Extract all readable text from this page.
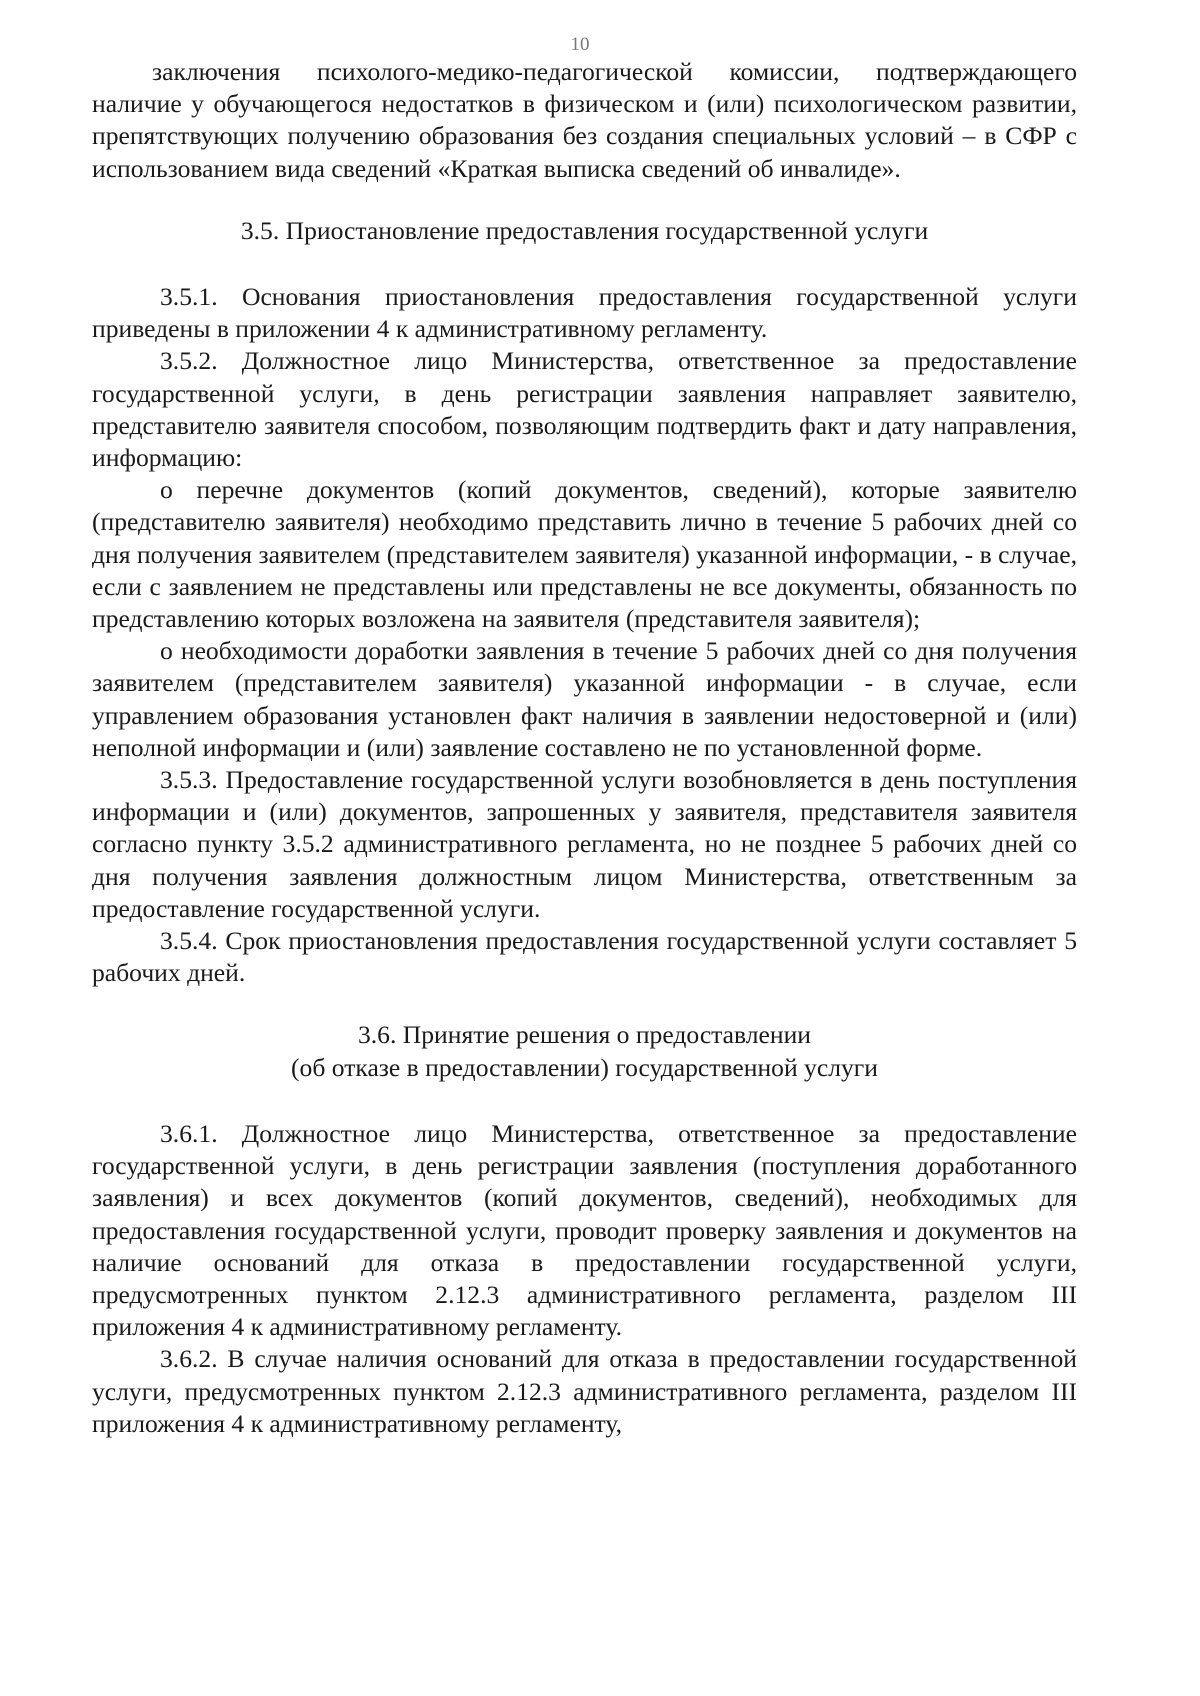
10

заключения психолого-медико-педагогической комиссии, подтверждающего наличие у обучающегося недостатков в физическом и (или) психологическом развитии, препятствующих получению образования без создания специальных условий – в СФР с использованием вида сведений «Краткая выписка сведений об инвалиде».

3.5. Приостановление предоставления государственной услуги

3.5.1. Основания приостановления предоставления государственной услуги приведены в приложении 4 к административному регламенту.

3.5.2. Должностное лицо Министерства, ответственное за предоставление государственной услуги, в день регистрации заявления направляет заявителю, представителю заявителя способом, позволяющим подтвердить факт и дату направления, информацию:

о перечне документов (копий документов, сведений), которые заявителю (представителю заявителя) необходимо представить лично в течение 5 рабочих дней со дня получения заявителем (представителем заявителя) указанной информации, - в случае, если с заявлением не представлены или представлены не все документы, обязанность по представлению которых возложена на заявителя (представителя заявителя);

о необходимости доработки заявления в течение 5 рабочих дней со дня получения заявителем (представителем заявителя) указанной информации - в случае, если управлением образования установлен факт наличия в заявлении недостоверной и (или) неполной информации и (или) заявление составлено не по установленной форме.

3.5.3. Предоставление государственной услуги возобновляется в день поступления информации и (или) документов, запрошенных у заявителя, представителя заявителя согласно пункту 3.5.2 административного регламента, но не позднее 5 рабочих дней со дня получения заявления должностным лицом Министерства, ответственным за предоставление государственной услуги.

3.5.4. Срок приостановления предоставления государственной услуги составляет 5 рабочих дней.

3.6. Принятие решения о предоставлении
(об отказе в предоставлении) государственной услуги

3.6.1. Должностное лицо Министерства, ответственное за предоставление государственной услуги, в день регистрации заявления (поступления доработанного заявления) и всех документов (копий документов, сведений), необходимых для предоставления государственной услуги, проводит проверку заявления и документов на наличие оснований для отказа в предоставлении государственной услуги, предусмотренных пунктом 2.12.3 административного регламента, разделом III приложения 4 к административному регламенту.

3.6.2. В случае наличия оснований для отказа в предоставлении государственной услуги, предусмотренных пунктом 2.12.3 административного регламента, разделом III приложения 4 к административному регламенту,
